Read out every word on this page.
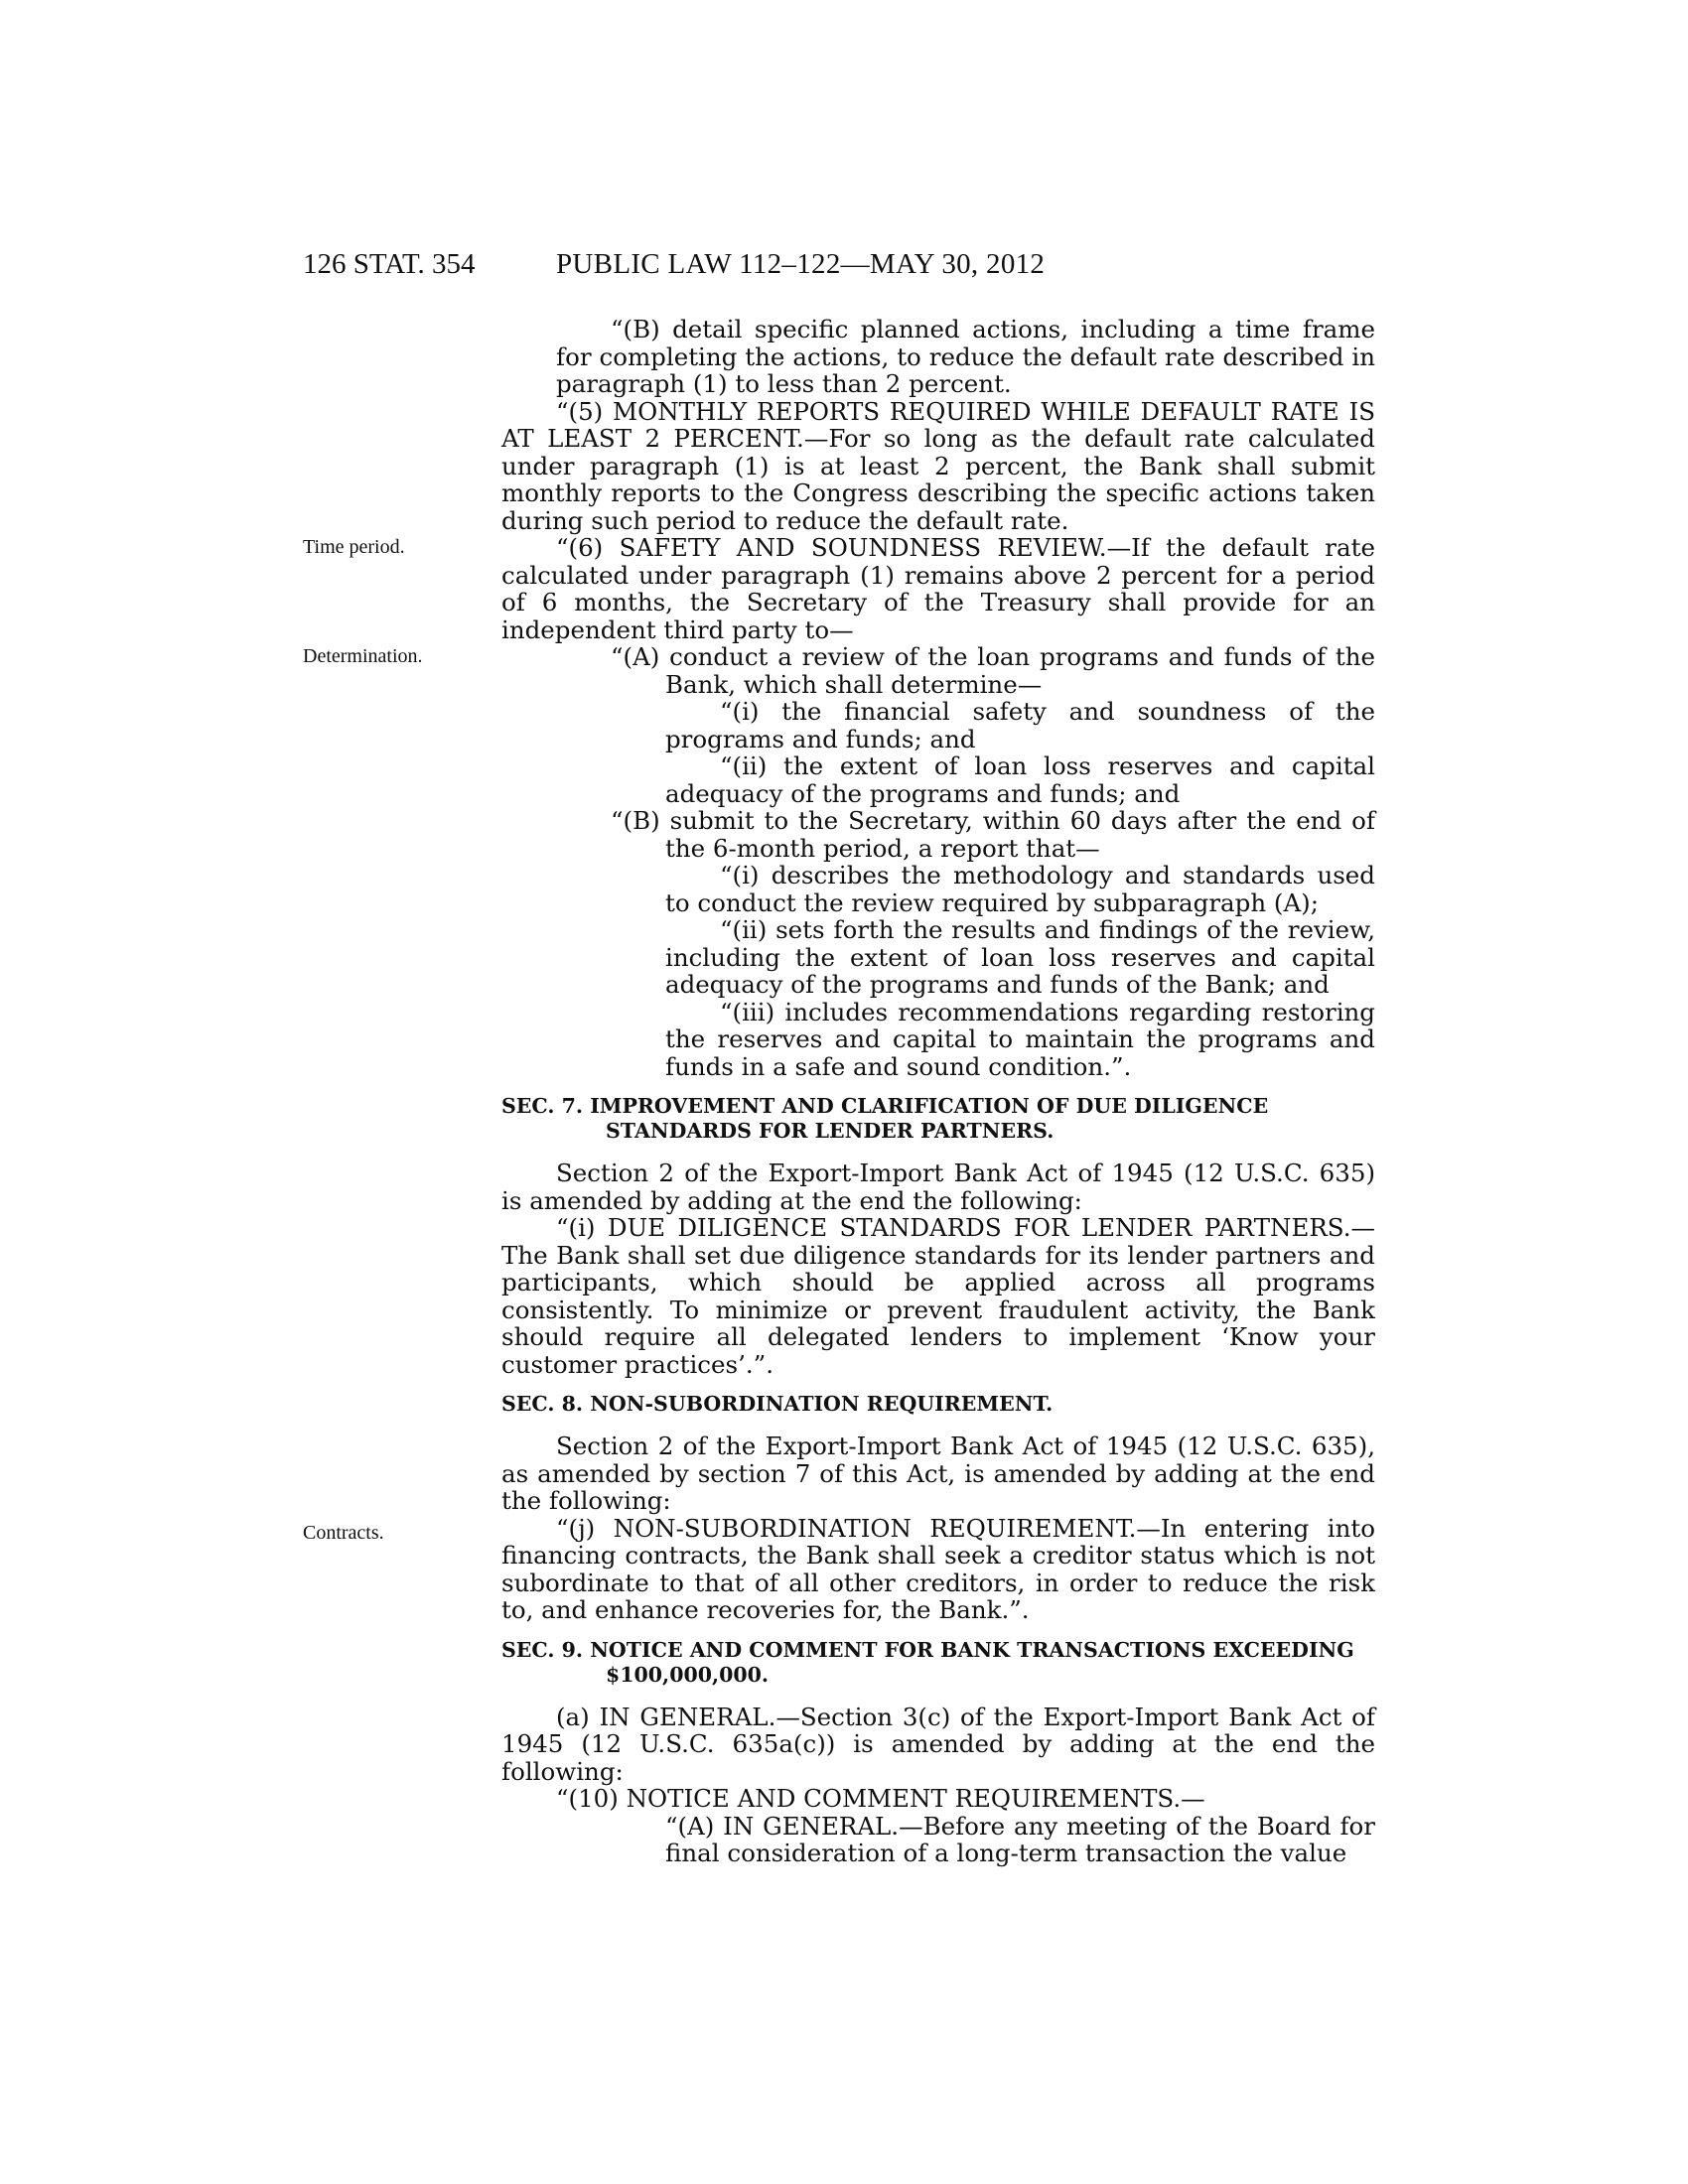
126 STAT. 354	PUBLIC LAW 112–122—MAY 30, 2012
Time period.
Determination.
Contracts.

“(B) detail specific planned actions, including a time frame for completing the actions, to reduce the default rate described in paragraph (1) to less than 2 percent.

“(5) MONTHLY REPORTS REQUIRED WHILE DEFAULT RATE IS AT LEAST 2 PERCENT.—For so long as the default rate calculated under paragraph (1) is at least 2 percent, the Bank shall submit monthly reports to the Congress describing the specific actions taken during such period to reduce the default rate.

“(6) SAFETY AND SOUNDNESS REVIEW.—If the default rate calculated under paragraph (1) remains above 2 percent for a period of 6 months, the Secretary of the Treasury shall provide for an independent third party to—

“(A) conduct a review of the loan programs and funds of the Bank, which shall determine—

“(i) the financial safety and soundness of the programs and funds; and

“(ii) the extent of loan loss reserves and capital adequacy of the programs and funds; and

“(B) submit to the Secretary, within 60 days after the end of the 6-month period, a report that—

“(i) describes the methodology and standards used to conduct the review required by subparagraph (A);

“(ii) sets forth the results and findings of the review, including the extent of loan loss reserves and capital adequacy of the programs and funds of the Bank; and

“(iii) includes recommendations regarding restoring the reserves and capital to maintain the programs and funds in a safe and sound condition.”.

SEC. 7. IMPROVEMENT AND CLARIFICATION OF DUE DILIGENCE
STANDARDS FOR LENDER PARTNERS.

Section 2 of the Export-Import Bank Act of 1945 (12 U.S.C. 635) is amended by adding at the end the following:

“(i) DUE DILIGENCE STANDARDS FOR LENDER PARTNERS.—The Bank shall set due diligence standards for its lender partners and participants, which should be applied across all programs consistently. To minimize or prevent fraudulent activity, the Bank should require all delegated lenders to implement ‘Know your customer practices’.”.

SEC. 8. NON-SUBORDINATION REQUIREMENT.

Section 2 of the Export-Import Bank Act of 1945 (12 U.S.C. 635), as amended by section 7 of this Act, is amended by adding at the end the following:

“(j) NON-SUBORDINATION REQUIREMENT.—In entering into financing contracts, the Bank shall seek a creditor status which is not subordinate to that of all other creditors, in order to reduce the risk to, and enhance recoveries for, the Bank.”.

SEC. 9. NOTICE AND COMMENT FOR BANK TRANSACTIONS EXCEEDING
$100,000,000.

(a) IN GENERAL.—Section 3(c) of the Export-Import Bank Act of 1945 (12 U.S.C. 635a(c)) is amended by adding at the end the following:

“(10) NOTICE AND COMMENT REQUIREMENTS.—

“(A) IN GENERAL.—Before any meeting of the Board for final consideration of a long-term transaction the value
